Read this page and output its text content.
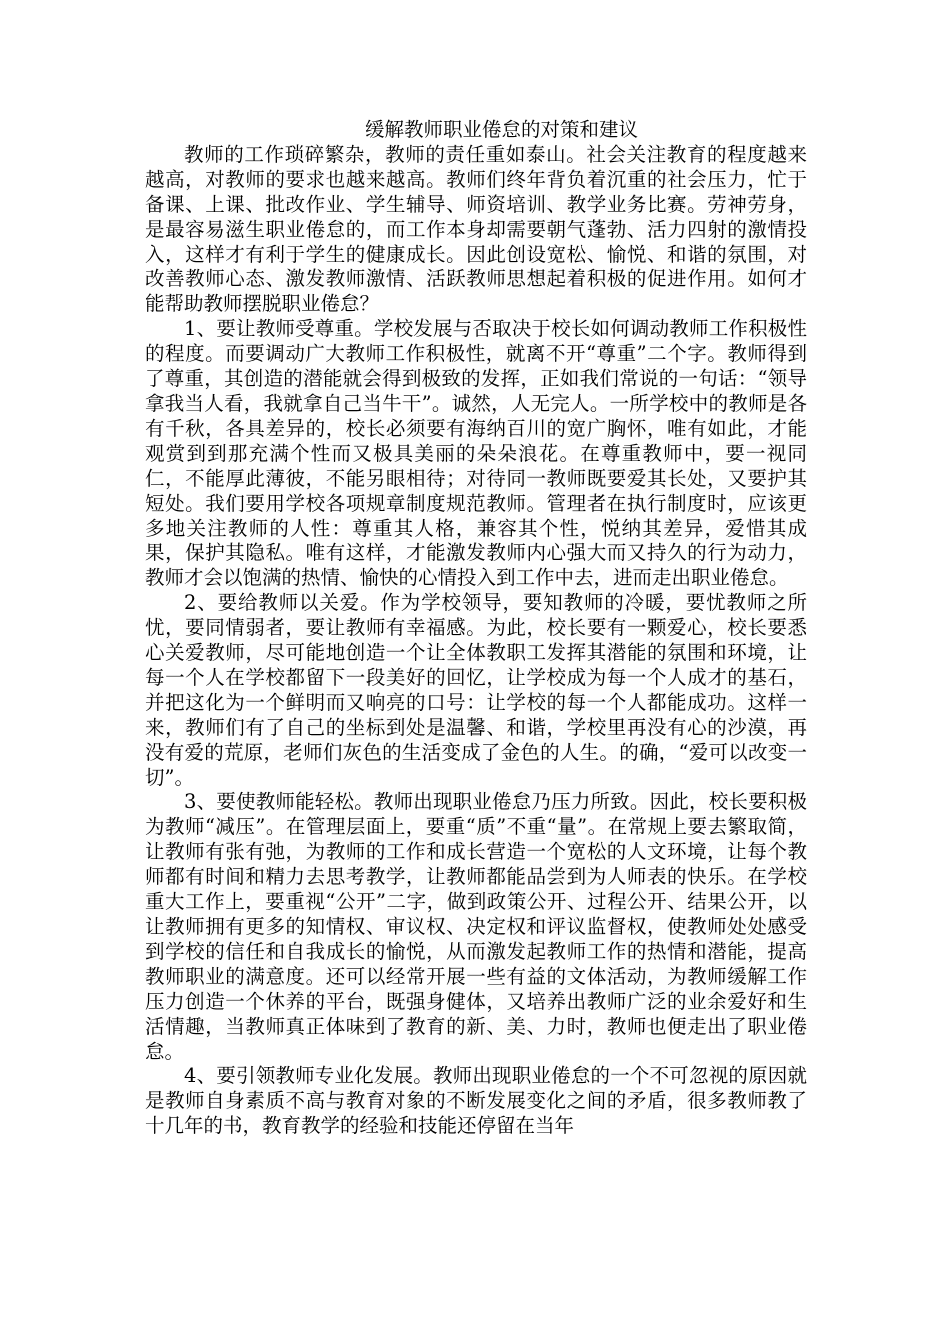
缓解教师职业倦怠的对策和建议

教师的工作琐碎繁杂，教师的责任重如泰山。社会关注教育的程度越来越高，对教师的要求也越来越高。教师们终年背负着沉重的社会压力，忙于备课、上课、批改作业、学生辅导、师资培训、教学业务比赛。劳神劳身，是最容易滋生职业倦怠的，而工作本身却需要朝气蓬勃、活力四射的激情投入，这样才有利于学生的健康成长。因此创设宽松、愉悦、和谐的氛围，对改善教师心态、激发教师激情、活跃教师思想起着积极的促进作用。如何才能帮助教师摆脱职业倦怠？

1、要让教师受尊重。学校发展与否取决于校长如何调动教师工作积极性的程度。而要调动广大教师工作积极性，就离不开“尊重”二个字。教师得到了尊重，其创造的潜能就会得到极致的发挥，正如我们常说的一句话：“领导拿我当人看，我就拿自己当牛干”。诚然，人无完人。一所学校中的教师是各有千秋，各具差异的，校长必须要有海纳百川的宽广胸怀，唯有如此，才能观赏到到那充满个性而又极具美丽的朵朵浪花。在尊重教师中，要一视同仁，不能厚此薄彼，不能另眼相待；对待同一教师既要爱其长处，又要护其短处。我们要用学校各项规章制度规范教师。管理者在执行制度时，应该更多地关注教师的人性：尊重其人格，兼容其个性，悦纳其差异，爱惜其成果，保护其隐私。唯有这样，才能激发教师内心强大而又持久的行为动力，教师才会以饱满的热情、愉快的心情投入到工作中去，进而走出职业倦怠。

2、要给教师以关爱。作为学校领导，要知教师的冷暖，要忧教师之所忧，要同情弱者，要让教师有幸福感。为此，校长要有一颗爱心，校长要悉心关爱教师，尽可能地创造一个让全体教职工发挥其潜能的氛围和环境，让每一个人在学校都留下一段美好的回忆，让学校成为每一个人成才的基石，并把这化为一个鲜明而又响亮的口号：让学校的每一个人都能成功。这样一来，教师们有了自己的坐标到处是温馨、和谐，学校里再没有心的沙漠，再没有爱的荒原，老师们灰色的生活变成了金色的人生。的确，“爱可以改变一切”。

3、要使教师能轻松。教师出现职业倦怠乃压力所致。因此，校长要积极为教师“减压”。在管理层面上，要重“质”不重“量”。在常规上要去繁取简，让教师有张有弛，为教师的工作和成长营造一个宽松的人文环境，让每个教师都有时间和精力去思考教学，让教师都能品尝到为人师表的快乐。在学校重大工作上，要重视“公开”二字，做到政策公开、过程公开、结果公开，以让教师拥有更多的知情权、审议权、决定权和评议监督权，使教师处处感受到学校的信任和自我成长的愉悦，从而激发起教师工作的热情和潜能，提高教师职业的满意度。还可以经常开展一些有益的文体活动，为教师缓解工作压力创造一个休养的平台，既强身健体，又培养出教师广泛的业余爱好和生活情趣，当教师真正体味到了教育的新、美、力时，教师也便走出了职业倦怠。

4、要引领教师专业化发展。教师出现职业倦怠的一个不可忽视的原因就是教师自身素质不高与教育对象的不断发展变化之间的矛盾，很多教师教了十几年的书，教育教学的经验和技能还停留在当年
